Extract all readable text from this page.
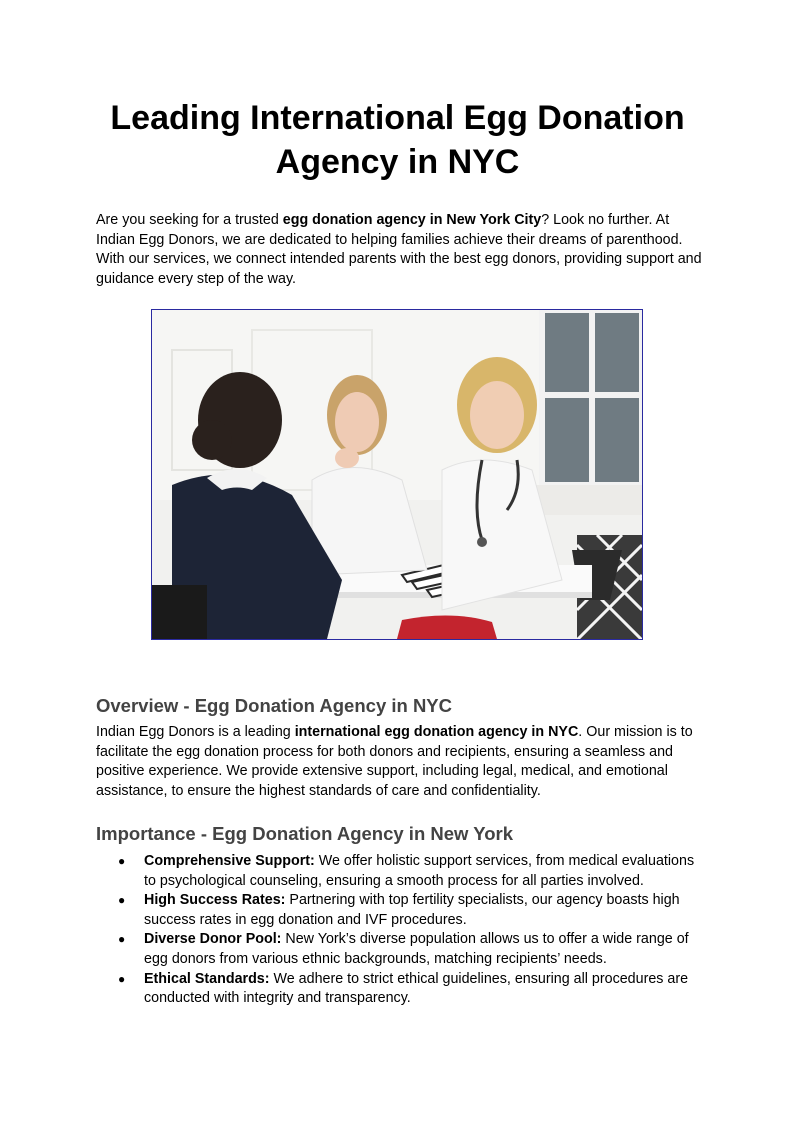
Leading International Egg Donation Agency in NYC

Are you seeking for a trusted egg donation agency in New York City? Look no further. At Indian Egg Donors, we are dedicated to helping families achieve their dreams of parenthood. With our services, we connect intended parents with the best egg donors, providing support and guidance every step of the way.

Overview - Egg Donation Agency in NYC

Indian Egg Donors is a leading international egg donation agency in NYC. Our mission is to facilitate the egg donation process for both donors and recipients, ensuring a seamless and positive experience. We provide extensive support, including legal, medical, and emotional assistance, to ensure the highest standards of care and confidentiality.

Importance - Egg Donation Agency in New York
● Comprehensive Support: We offer holistic support services, from medical evaluations to psychological counseling, ensuring a smooth process for all parties involved.
● High Success Rates: Partnering with top fertility specialists, our agency boasts high success rates in egg donation and IVF procedures.
● Diverse Donor Pool: New York’s diverse population allows us to offer a wide range of egg donors from various ethnic backgrounds, matching recipients’ needs.
● Ethical Standards: We adhere to strict ethical guidelines, ensuring all procedures are conducted with integrity and transparency.
